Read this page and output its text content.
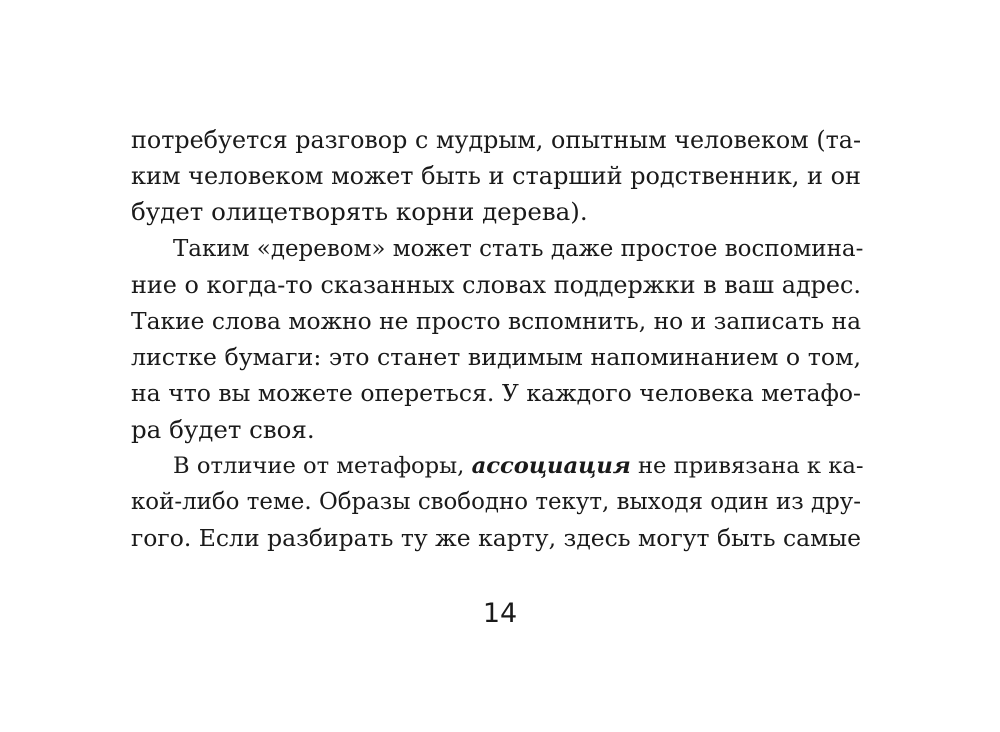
потребуется разговор с мудрым, опытным человеком (та-
ким человеком может быть и старший родственник, и он
будет олицетворять корни дерева).
Таким «деревом» может стать даже простое воспомина-
ние о когда-то сказанных словах поддержки в ваш адрес.
Такие слова можно не просто вспомнить, но и записать на
листке бумаги: это станет видимым напоминанием о том,
на что вы можете опереться. У каждого человека метафо-
ра будет своя.
В отличие от метафоры, ассоциация не привязана к ка-
кой-либо теме. Образы свободно текут, выходя один из дру-
гого. Если разбирать ту же карту, здесь могут быть самые
14
